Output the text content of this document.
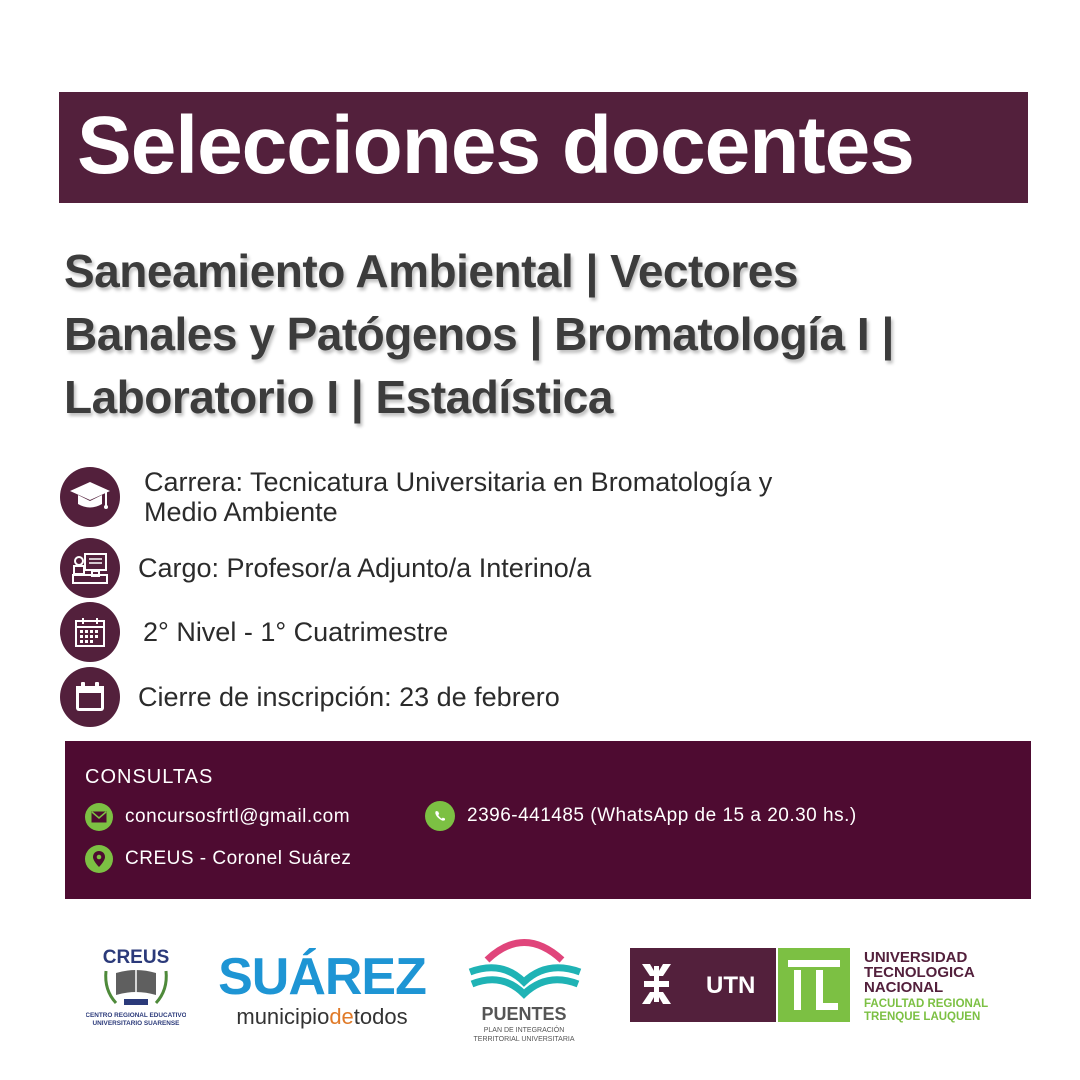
Selecciones docentes
Saneamiento Ambiental | Vectores
Banales y Patógenos | Bromatología I |
Laboratorio I | Estadística
Carrera: Tecnicatura Universitaria en Bromatología y
Medio Ambiente
Cargo: Profesor/a Adjunto/a Interino/a
2° Nivel - 1° Cuatrimestre
Cierre de inscripción: 23 de febrero
CONSULTAS
concursosfrtl@gmail.com	2396-441485 (WhatsApp de 15 a 20.30 hs.)
CREUS - Coronel Suárez
CREUS
CENTRO REGIONAL EDUCATIVO
UNIVERSITARIO SUARENSE
SUÁREZ
municipiodetodos	PUENTES
PLAN DE INTEGRACIÓN
TERRITORIAL UNIVERSITARIA
UTN
UNIVERSIDAD
TECNOLOGICA
NACIONAL
FACULTAD REGIONAL
TRENQUE LAUQUEN
